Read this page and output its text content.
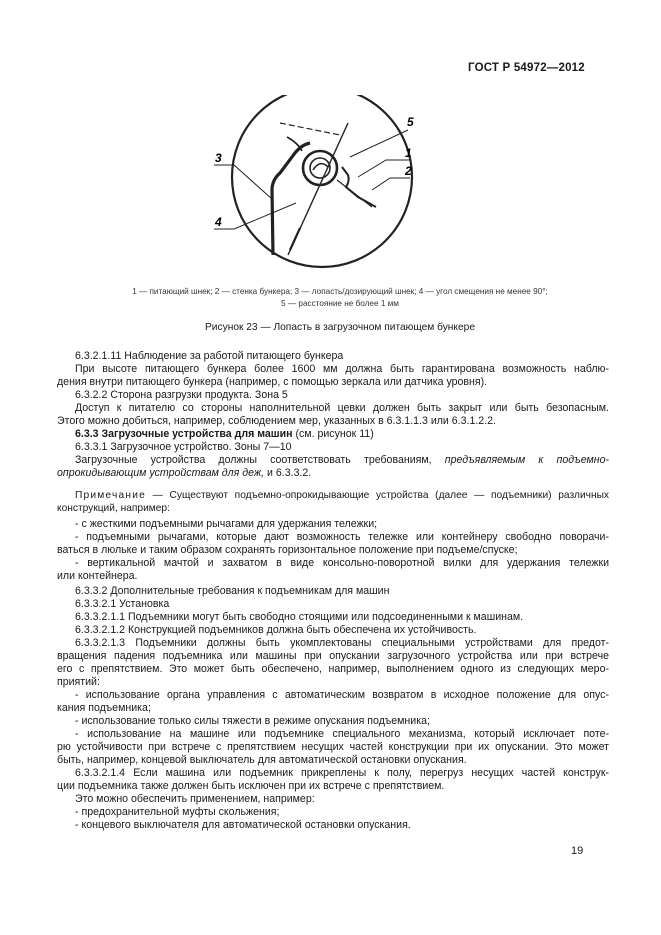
ГОСТ Р 54972—2012
5
1
2
3
4
1 — питающий шнек; 2 — стенка бункера; 3 — лопасть/дозирующий шнек; 4 — угол смещения не менее 90°;
5 — расстояние не более 1 мм
Рисунок 23 — Лопасть в загрузочном питающем бункере
6.3.2.1.11 Наблюдение за работой питающего бункера
При высоте питающего бункера более 1600 мм должна быть гарантирована возможность наблю-
дения внутри питающего бункера (например, с помощью зеркала или датчика уровня).
6.3.2.2 Сторона разгрузки продукта. Зона 5
Доступ к питателю со стороны наполнительной цевки должен быть закрыт или быть безопасным.
Этого можно добиться, например, соблюдением мер, указанных в 6.3.1.1.3 или 6.3.1.2.2.
6.3.3 Загрузочные устройства для машин (см. рисунок 11)
6.3.3.1 Загрузочное устройство. Зоны 7—10
Загрузочные устройства должны соответствовать требованиям, предъявляемым к подъемно-
опрокидывающим устройствам для деж, и 6.3.3.2.
Примечание — Существуют подъемно-опрокидывающие устройства (далее — подъемники) различных
конструкций, например:
- с жесткими подъемными рычагами для удержания тележки;
- подъемными рычагами, которые дают возможность тележке или контейнеру свободно поворачи-
ваться в люльке и таким образом сохранять горизонтальное положение при подъеме/спуске;
- вертикальной мачтой и захватом в виде консольно-поворотной вилки для удержания тележки
или контейнера.
6.3.3.2 Дополнительные требования к подъемникам для машин
6.3.3.2.1 Установка
6.3.3.2.1.1 Подъемники могут быть свободно стоящими или подсоединенными к машинам.
6.3.3.2.1.2 Конструкцией подъемников должна быть обеспечена их устойчивость.
6.3.3.2.1.3 Подъемники должны быть укомплектованы специальными устройствами для предот-
вращения падения подъемника или машины при опускании загрузочного устройства или при встрече
его с препятствием. Это может быть обеспечено, например, выполнением одного из следующих меро-
приятий:
- использование органа управления с автоматическим возвратом в исходное положение для опус-
кания подъемника;
- использование только силы тяжести в режиме опускания подъемника;
- использование на машине или подъемнике специального механизма, который исключает поте-
рю устойчивости при встрече с препятствием несущих частей конструкции при их опускании. Это может
быть, например, концевой выключатель для автоматической остановки опускания.
6.3.3.2.1.4 Если машина или подъемник прикреплены к полу, перегруз несущих частей конструк-
ции подъемника также должен быть исключен при их встрече с препятствием.
Это можно обеспечить применением, например:
- предохранительной муфты скольжения;
- концевого выключателя для автоматической остановки опускания.
19
